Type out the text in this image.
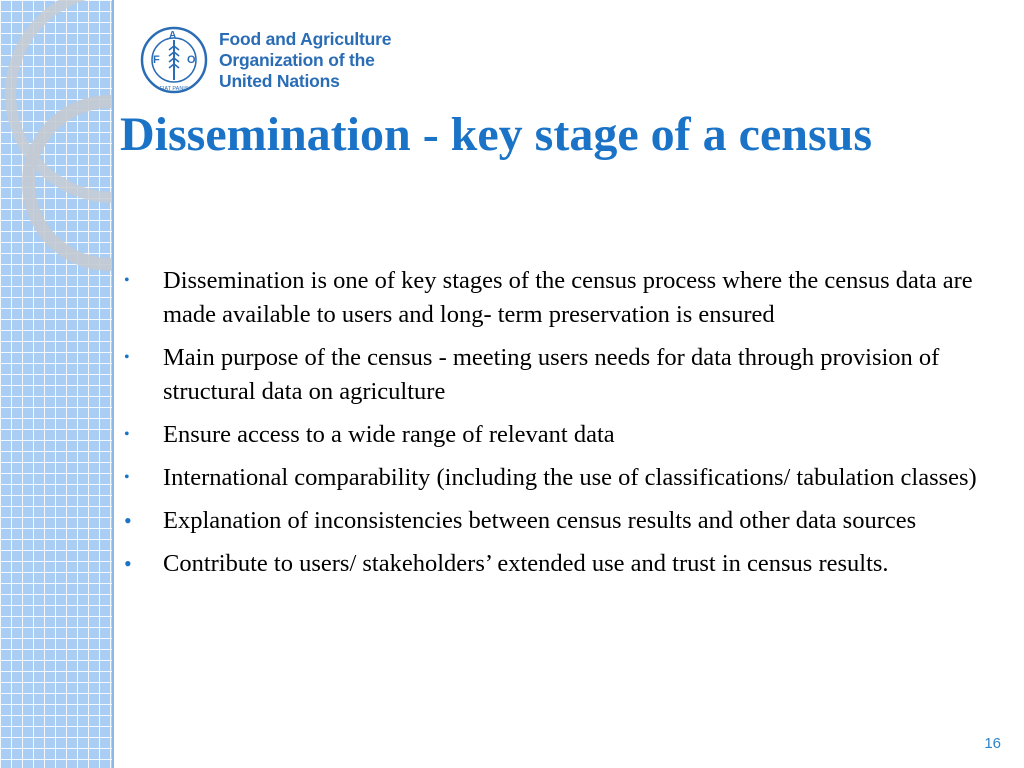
F
A
O
FIAT PANIS
Food and Agriculture
Organization of the
United Nations
Dissemination - key stage of a census
• Dissemination is one of key stages of the census process where the census data are made available to users and long- term preservation is ensured
• Main purpose of the census - meeting users needs for data through provision of structural data on agriculture
• Ensure access to a wide range of relevant data
• International comparability (including the use of classifications/ tabulation classes)
• Explanation of inconsistencies between census results and other data sources
• Contribute to users/ stakeholders’ extended use and trust in census results.
16
